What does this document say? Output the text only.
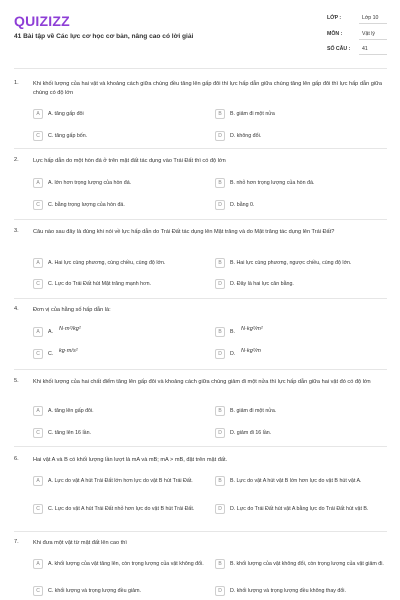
QUIZIZZ
41 Bài tập về Các lực cơ học cơ bản, nâng cao có lời giải
LỚP :	Lớp 10
MÔN :	Vật lý
SỐ CÂU : 41
1.	Khi khối lượng của hai vật và khoảng cách giữa chúng đều tăng lên gấp đôi thì lực hấp dẫn giữa chúng tăng lên gấp đôi thì lực hấp dẫn giữa chúng có độ lớn
A	A. tăng gấp đôi	B	B. giảm đi một nửa
C	C. tăng gấp bốn.	D	D. không đổi.
2.	Lực hấp dẫn do một hòn đá ở trên mặt đất tác dụng vào Trái Đất thì có độ lớn
A	A. lớn hơn trọng lượng của hòn đá.	B	B. nhỏ hơn trọng lượng của hòn đá.
C	C. bằng trọng lượng của hòn đá.	D	D. bằng 0.
3.	Câu nào sau đây là đúng khi nói về lực hấp dẫn do Trái Đất tác dụng lên Mặt trăng và do Mặt trăng tác dụng lên Trái Đất?
A	A. Hai lực cùng phương, cùng chiều, cùng độ lớn.	B	B. Hai lực cùng phương, ngược chiều, cùng độ lớn.
C	C. Lực do Trái Đất hút Mặt trăng mạnh hơn.	D	D. Đây là hai lực cân bằng.
4.	Đơn vị của hằng số hấp dẫn là:
A	A.	N·m²/kg²	B	B.	N·kg²/m²
C	C.	kg·m/s²	D	D.	N·kg²/m
5.	Khi khối lượng của hai chất điểm tăng lên gấp đôi và khoảng cách giữa chúng giảm đi một nửa thì lực hấp dẫn giữa hai vật đó có độ lớn
A	A. tăng lên gấp đôi.	B	B. giảm đi một nửa.
C	C. tăng lên 16 lần.	D	D. giảm đi 16 lần.
6.	Hai vật A và B có khối lượng lần lượt là mA và mB; mA > mB, đặt trên mặt đất.
A	A. Lực do vật A hút Trái Đất lớn hơn lực do vật B hút Trái Đất.	B	B. Lực do vật A hút vật B lớn hơn lực do vật B hút vật A.
C	C. Lực do vật A hút Trái Đất nhỏ hơn lực do vật B hút Trái Đất.	D	D. Lực do Trái Đất hút vật A bằng lực do Trái Đất hút vật B.
7.	Khi đưa một vật từ mặt đất lên cao thì
A	A. khối lượng của vật tăng lên, còn trọng lượng của vật không đổi.	B	B. khối lượng của vật không đổi, còn trọng lượng của vật giảm đi.
C	C. khối lượng và trọng lượng đều giảm.	D	D. khối lượng và trọng lượng đều không thay đổi.
